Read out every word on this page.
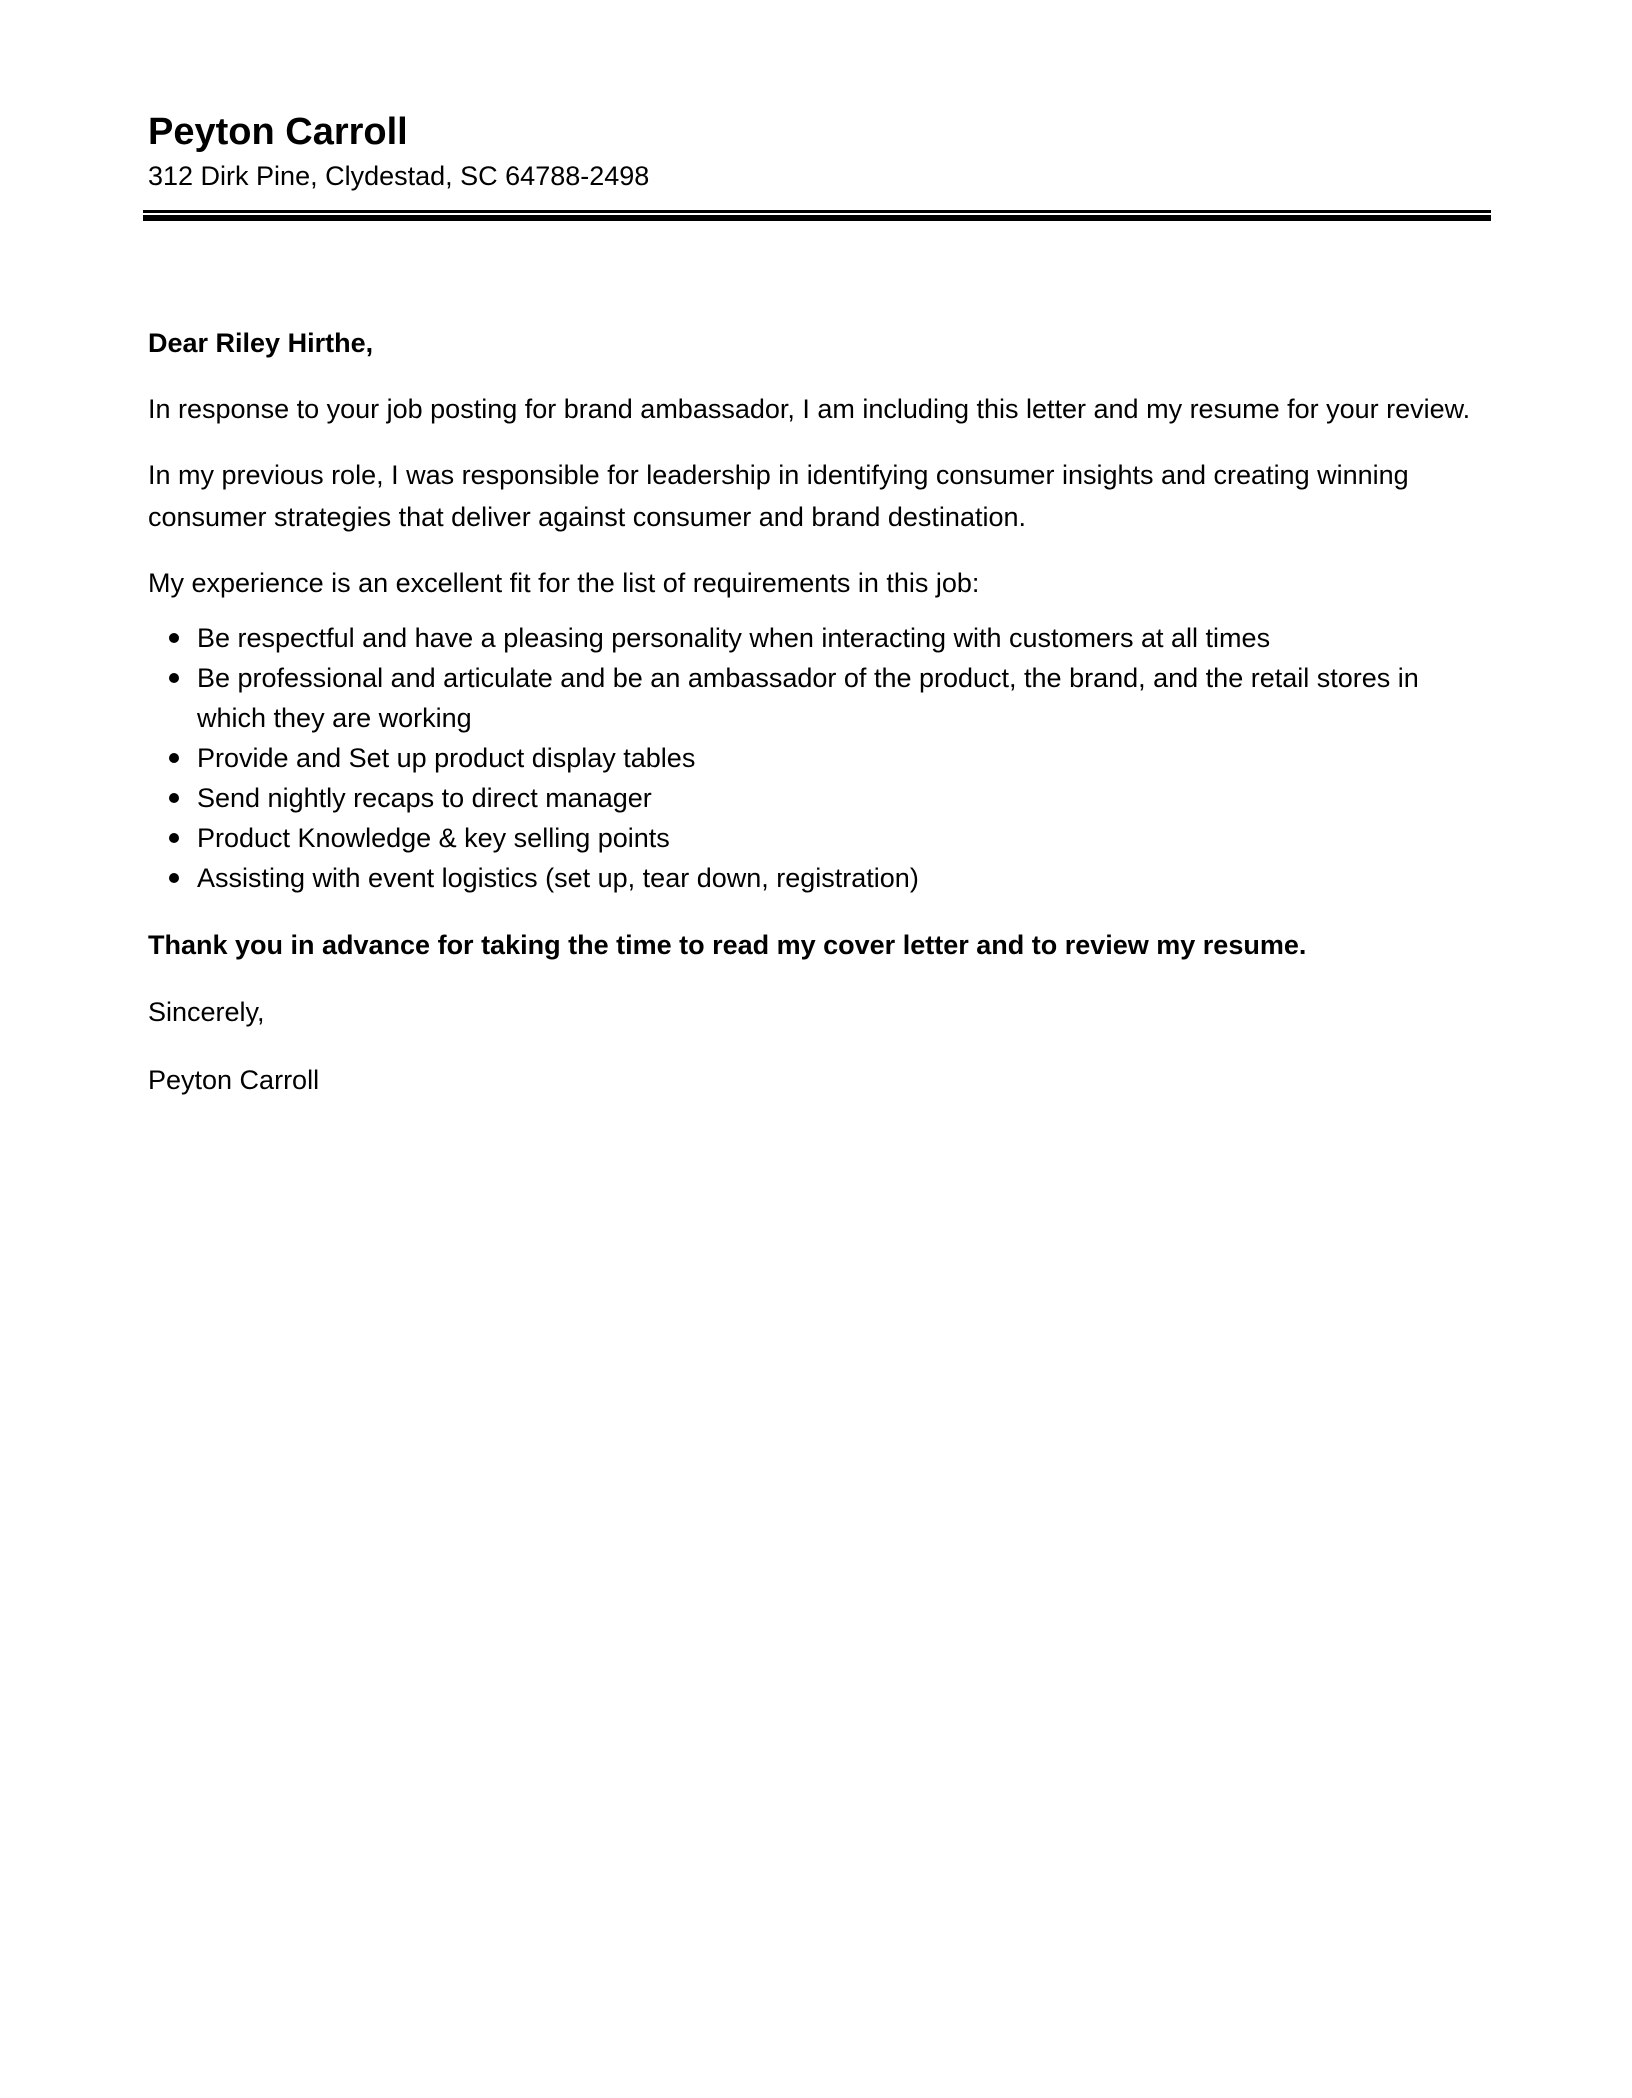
Peyton Carroll
312 Dirk Pine, Clydestad, SC 64788-2498

Dear Riley Hirthe,

In response to your job posting for brand ambassador, I am including this letter and my resume for your review.

In my previous role, I was responsible for leadership in identifying consumer insights and creating winning consumer strategies that deliver against consumer and brand destination.

My experience is an excellent fit for the list of requirements in this job:

Be respectful and have a pleasing personality when interacting with customers at all times
Be professional and articulate and be an ambassador of the product, the brand, and the retail stores in which they are working
Provide and Set up product display tables
Send nightly recaps to direct manager
Product Knowledge & key selling points
Assisting with event logistics (set up, tear down, registration)

Thank you in advance for taking the time to read my cover letter and to review my resume.

Sincerely,

Peyton Carroll
